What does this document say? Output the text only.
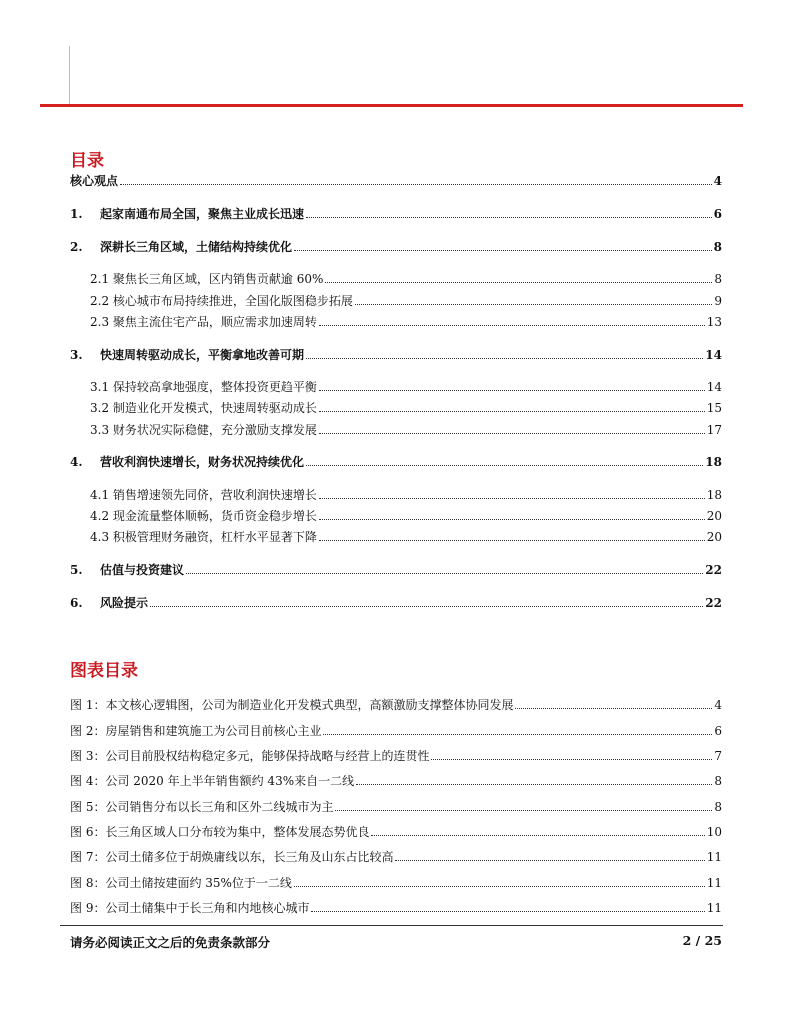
目录
核心观点	4
1.	起家南通布局全国，聚焦主业成长迅速	6
2.	深耕长三角区域，土储结构持续优化	8
2.1 聚焦长三角区域，区内销售贡献逾 60%	8
2.2 核心城市布局持续推进，全国化版图稳步拓展	9
2.3 聚焦主流住宅产品，顺应需求加速周转	13
3.	快速周转驱动成长，平衡拿地改善可期	14
3.1 保持较高拿地强度，整体投资更趋平衡	14
3.2 制造业化开发模式，快速周转驱动成长	15
3.3 财务状况实际稳健，充分激励支撑发展	17
4.	营收利润快速增长，财务状况持续优化	18
4.1 销售增速领先同侪，营收利润快速增长	18
4.2 现金流量整体顺畅，货币资金稳步增长	20
4.3 积极管理财务融资，杠杆水平显著下降	20
5.	估值与投资建议	22
6.	风险提示	22
图表目录
图 1：本文核心逻辑图，公司为制造业化开发模式典型，高额激励支撑整体协同发展	4
图 2：房屋销售和建筑施工为公司目前核心主业	6
图 3：公司目前股权结构稳定多元，能够保持战略与经营上的连贯性	7
图 4：公司 2020 年上半年销售额约 43%来自一二线	8
图 5：公司销售分布以长三角和区外二线城市为主	8
图 6：长三角区域人口分布较为集中，整体发展态势优良	10
图 7：公司土储多位于胡焕庸线以东，长三角及山东占比较高	11
图 8：公司土储按建面约 35%位于一二线	11
图 9：公司土储集中于长三角和内地核心城市	11
请务必阅读正文之后的免责条款部分	2 / 25
